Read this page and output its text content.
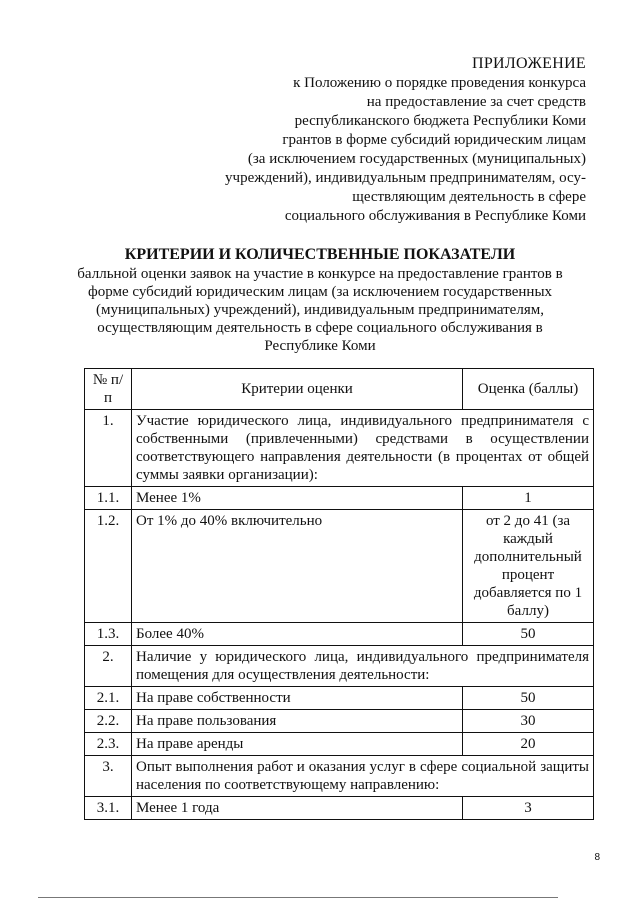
ПРИЛОЖЕНИЕ
к Положению о порядке проведения конкурса
на предоставление за счет средств
республиканского бюджета Республики Коми
грантов в форме субсидий юридическим лицам
(за исключением государственных (муниципальных)
учреждений), индивидуальным предпринимателям, осу-
ществляющим деятельность в сфере
социального обслуживания в Республике Коми
КРИТЕРИИ И КОЛИЧЕСТВЕННЫЕ ПОКАЗАТЕЛИ
балльной оценки заявок на участие в конкурсе на предоставление грантов в
форме субсидий юридическим лицам (за исключением государственных
(муниципальных) учреждений), индивидуальным предпринимателям,
осуществляющим деятельность в сфере социального обслуживания в
Республике Коми
№ п/п	Критерии оценки	Оценка (баллы)
1.	Участие юридического лица, индивидуального предпринимателя с собственными (привлеченными) средствами в осуществлении соответствующего направления деятельности (в процентах от общей суммы заявки организации):	
1.1.	Менее 1%	1
1.2.	От 1% до 40% включительно	от 2 до 41 (за каждый дополнительный процент добавляется по 1 баллу)
1.3.	Более 40%	50
2.	Наличие у юридического лица, индивидуального предпринимателя помещения для осуществления деятельности:	
2.1.	На праве собственности	50
2.2.	На праве пользования	30
2.3.	На праве аренды	20
3.	Опыт выполнения работ и оказания услуг в сфере социальной защиты населения по соответствующему направлению:	
3.1.	Менее 1 года	3
8
